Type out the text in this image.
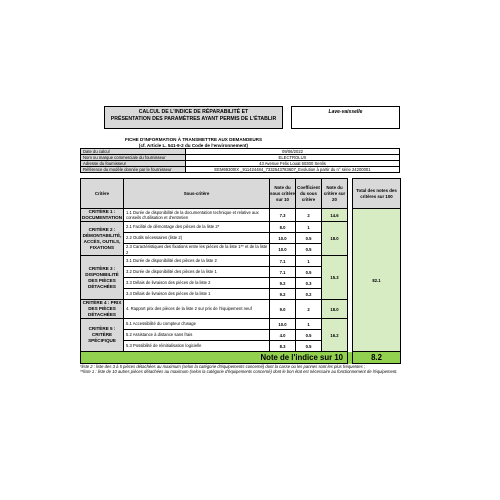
CALCUL DE L'INDICE DE RÉPARABILITÉ ET
PRÉSENTATION DES PARAMÈTRES AYANT PERMIS DE L'ÉTABLIR
Lave-vaisselle
FICHE D'INFORMATION À TRANSMETTRE AUX DEMANDEURS
(cf. Article L. 541-9-2 du Code de l'environnement)
Date du calcul	09/06/2022
Nom ou marque commerciale du fournisseur	ELECTROLUX
Adresse du fournisseur	43 Avenue Felix Louat 60300 Senlis
Référence du modèle donnée par le fournisseur	EEM69300IX _911424484_7332543783607_Evolution à partir du n° série 24200001
Critère	Sous-critère	Note du sous critère sur 10	Coefficient du sous critère	Note du critère sur 20		Total des notes des critères sur 100
CRITÈRE 1 : DOCUMENTATION	1.1 Durée de disponibilité de la documentation technique et relative aux conseils d'utilisation et d'entretien	7.3	2	14.6		82.1
CRITÈRE 2 : DÉMONTABILITÉ, ACCÈS, OUTILS, FIXATIONS	2.1 Facilité de démontage des pièces de la liste 2*	8.0	1	18.0		
	2.2 Outils nécessaires (liste 2)	10.0	0.5			
	2.3 Caractéristiques des fixations entre les pièces de la liste 1** et de la liste 2	10.0	0.5			
CRITÈRE 3 : DISPONIBILITÉ DES PIÈCES DÉTACHÉES	3.1 Durée de disponibilité des pièces de la liste 2	7.1	1	15.3		
	3.2 Durée de disponibilité des pièces de la liste 1	7.1	0.5			
	3.3 Délais de livraison des pièces de la liste 2	9.2	0.3			
	3.4 Délais de livraison des pièces de la liste 1	9.2	0.2			
CRITÈRE 4 : PRIX DES PIÈCES DÉTACHÉES	4. Rapport prix des pièces de la liste 2 sur prix de l'équipement neuf	9.0	2	18.0		
CRITÈRE 5 : CRITÈRE SPÉCIFIQUE	5.1 Accessibilité du compteur d'usage	10.0	1	16.2		
	5.2 Assistance à distance sans frais	4.0	0.5			
	5.3 Possibilité de réinitialisation logicielle	8.3	0.5			
Note de l'indice sur 10						8.2

*liste 2 : liste des 3 à 5 pièces détachées au maximum (selon la catégorie d'équipements concerné) dont la casse ou les pannes sont les plus fréquentes ;

**liste 1 : liste de 10 autres pièces détachées au maximum (selon la catégorie d'équipements concerné) dont le bon état est nécessaire au fonctionnement de l'équipement.
